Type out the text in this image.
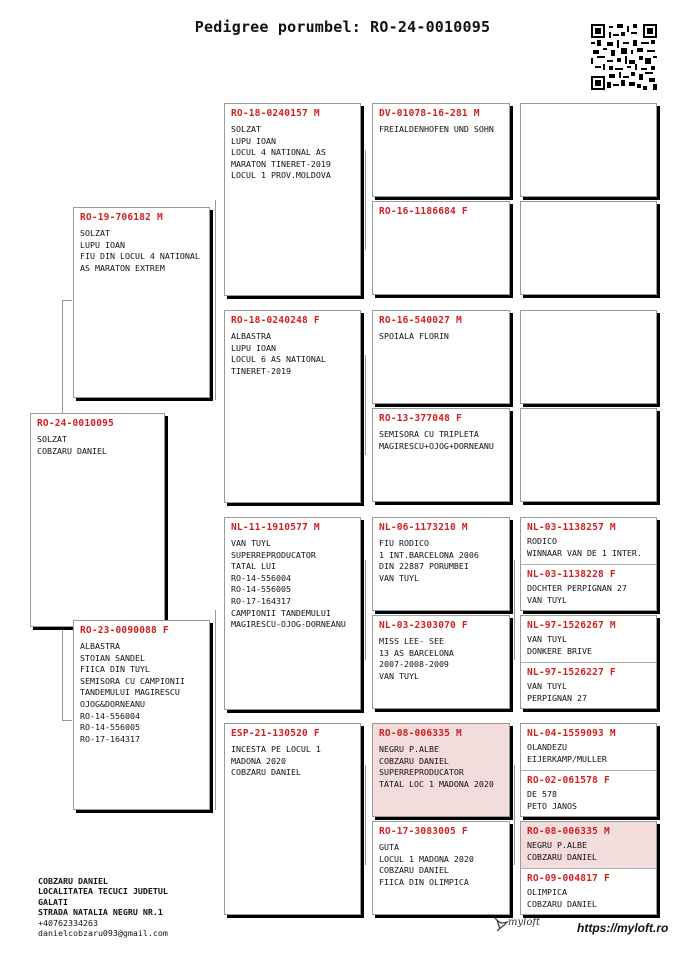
Pedigree porumbel: RO-24-0010095
RO-24-0010095
SOLZAT
COBZARU DANIEL
RO-19-706182 M
SOLZAT
LUPU IOAN
FIU DIN LOCUL 4 NATIONAL
AS MARATON EXTREM
RO-23-0090088 F
ALBASTRA
STOIAN SANDEL
FIICA DIN TUYL
SEMISORA CU CAMPIONII
TANDEMULUI MAGIRESCU
OJOG&DORNEANU
RO-14-556004
RO-14-556005
RO-17-164317
RO-18-0240157 M
SOLZAT
LUPU IOAN
LOCUL 4 NATIONAL AS
MARATON TINERET-2019
LOCUL 1 PROV.MOLDOVA
RO-18-0240248 F
ALBASTRA
LUPU IOAN
LOCUL 6 AS NATIONAL
TINERET-2019
NL-11-1910577 M
VAN TUYL
SUPERREPRODUCATOR
TATAL LUI
RO-14-556004
RO-14-556005
RO-17-164317
CAMPIONII TANDEMULUI
MAGIRESCU-OJOG-DORNEANU
ESP-21-130520 F
INCESTA PE LOCUL 1
MADONA 2020
COBZARU DANIEL
DV-01078-16-281 M
FREIALDENHOFEN UND SOHN
RO-16-1186684 F
RO-16-540027 M
SPOIALA FLORIN
RO-13-377048 F
SEMISORA CU TRIPLETA
MAGIRESCU+OJOG+DORNEANU
NL-06-1173210 M
FIU RODICO
1 INT.BARCELONA 2006
DIN 22887 PORUMBEI
VAN TUYL
NL-03-2303070 F
MISS LEE- SEE
13 AS BARCELONA
2007-2008-2009
VAN TUYL
RO-08-006335 M
NEGRU P.ALBE
COBZARU DANIEL
SUPERREPRODUCATOR
TATAL LOC 1 MADONA 2020
RO-17-3083005 F
GUTA
LOCUL 1 MADONA 2020
COBZARU DANIEL
FIICA DIN OLIMPICA
NL-03-1138257 M
RODICO
WINNAAR VAN DE 1 INTER.
NL-03-1138228 F
DOCHTER PERPIGNAN 27
VAN TUYL
NL-97-1526267 M
VAN TUYL
DONKERE BRIVE
NL-97-1526227 F
VAN TUYL
PERPIGNAN 27
NL-04-1559093 M
OLANDEZU
EIJERKAMP/MULLER
RO-02-061578 F
DE 578
PETO JANOS
RO-08-006335 M
NEGRU P.ALBE
COBZARU DANIEL
RO-09-004817 F
OLIMPICA
COBZARU DANIEL
COBZARU DANIEL
LOCALITATEA TECUCI JUDETUL
GALATI
STRADA NATALIA NEGRU NR.1
+40762334263
danielcobzaru093@gmail.com
myloft	https://myloft.ro
